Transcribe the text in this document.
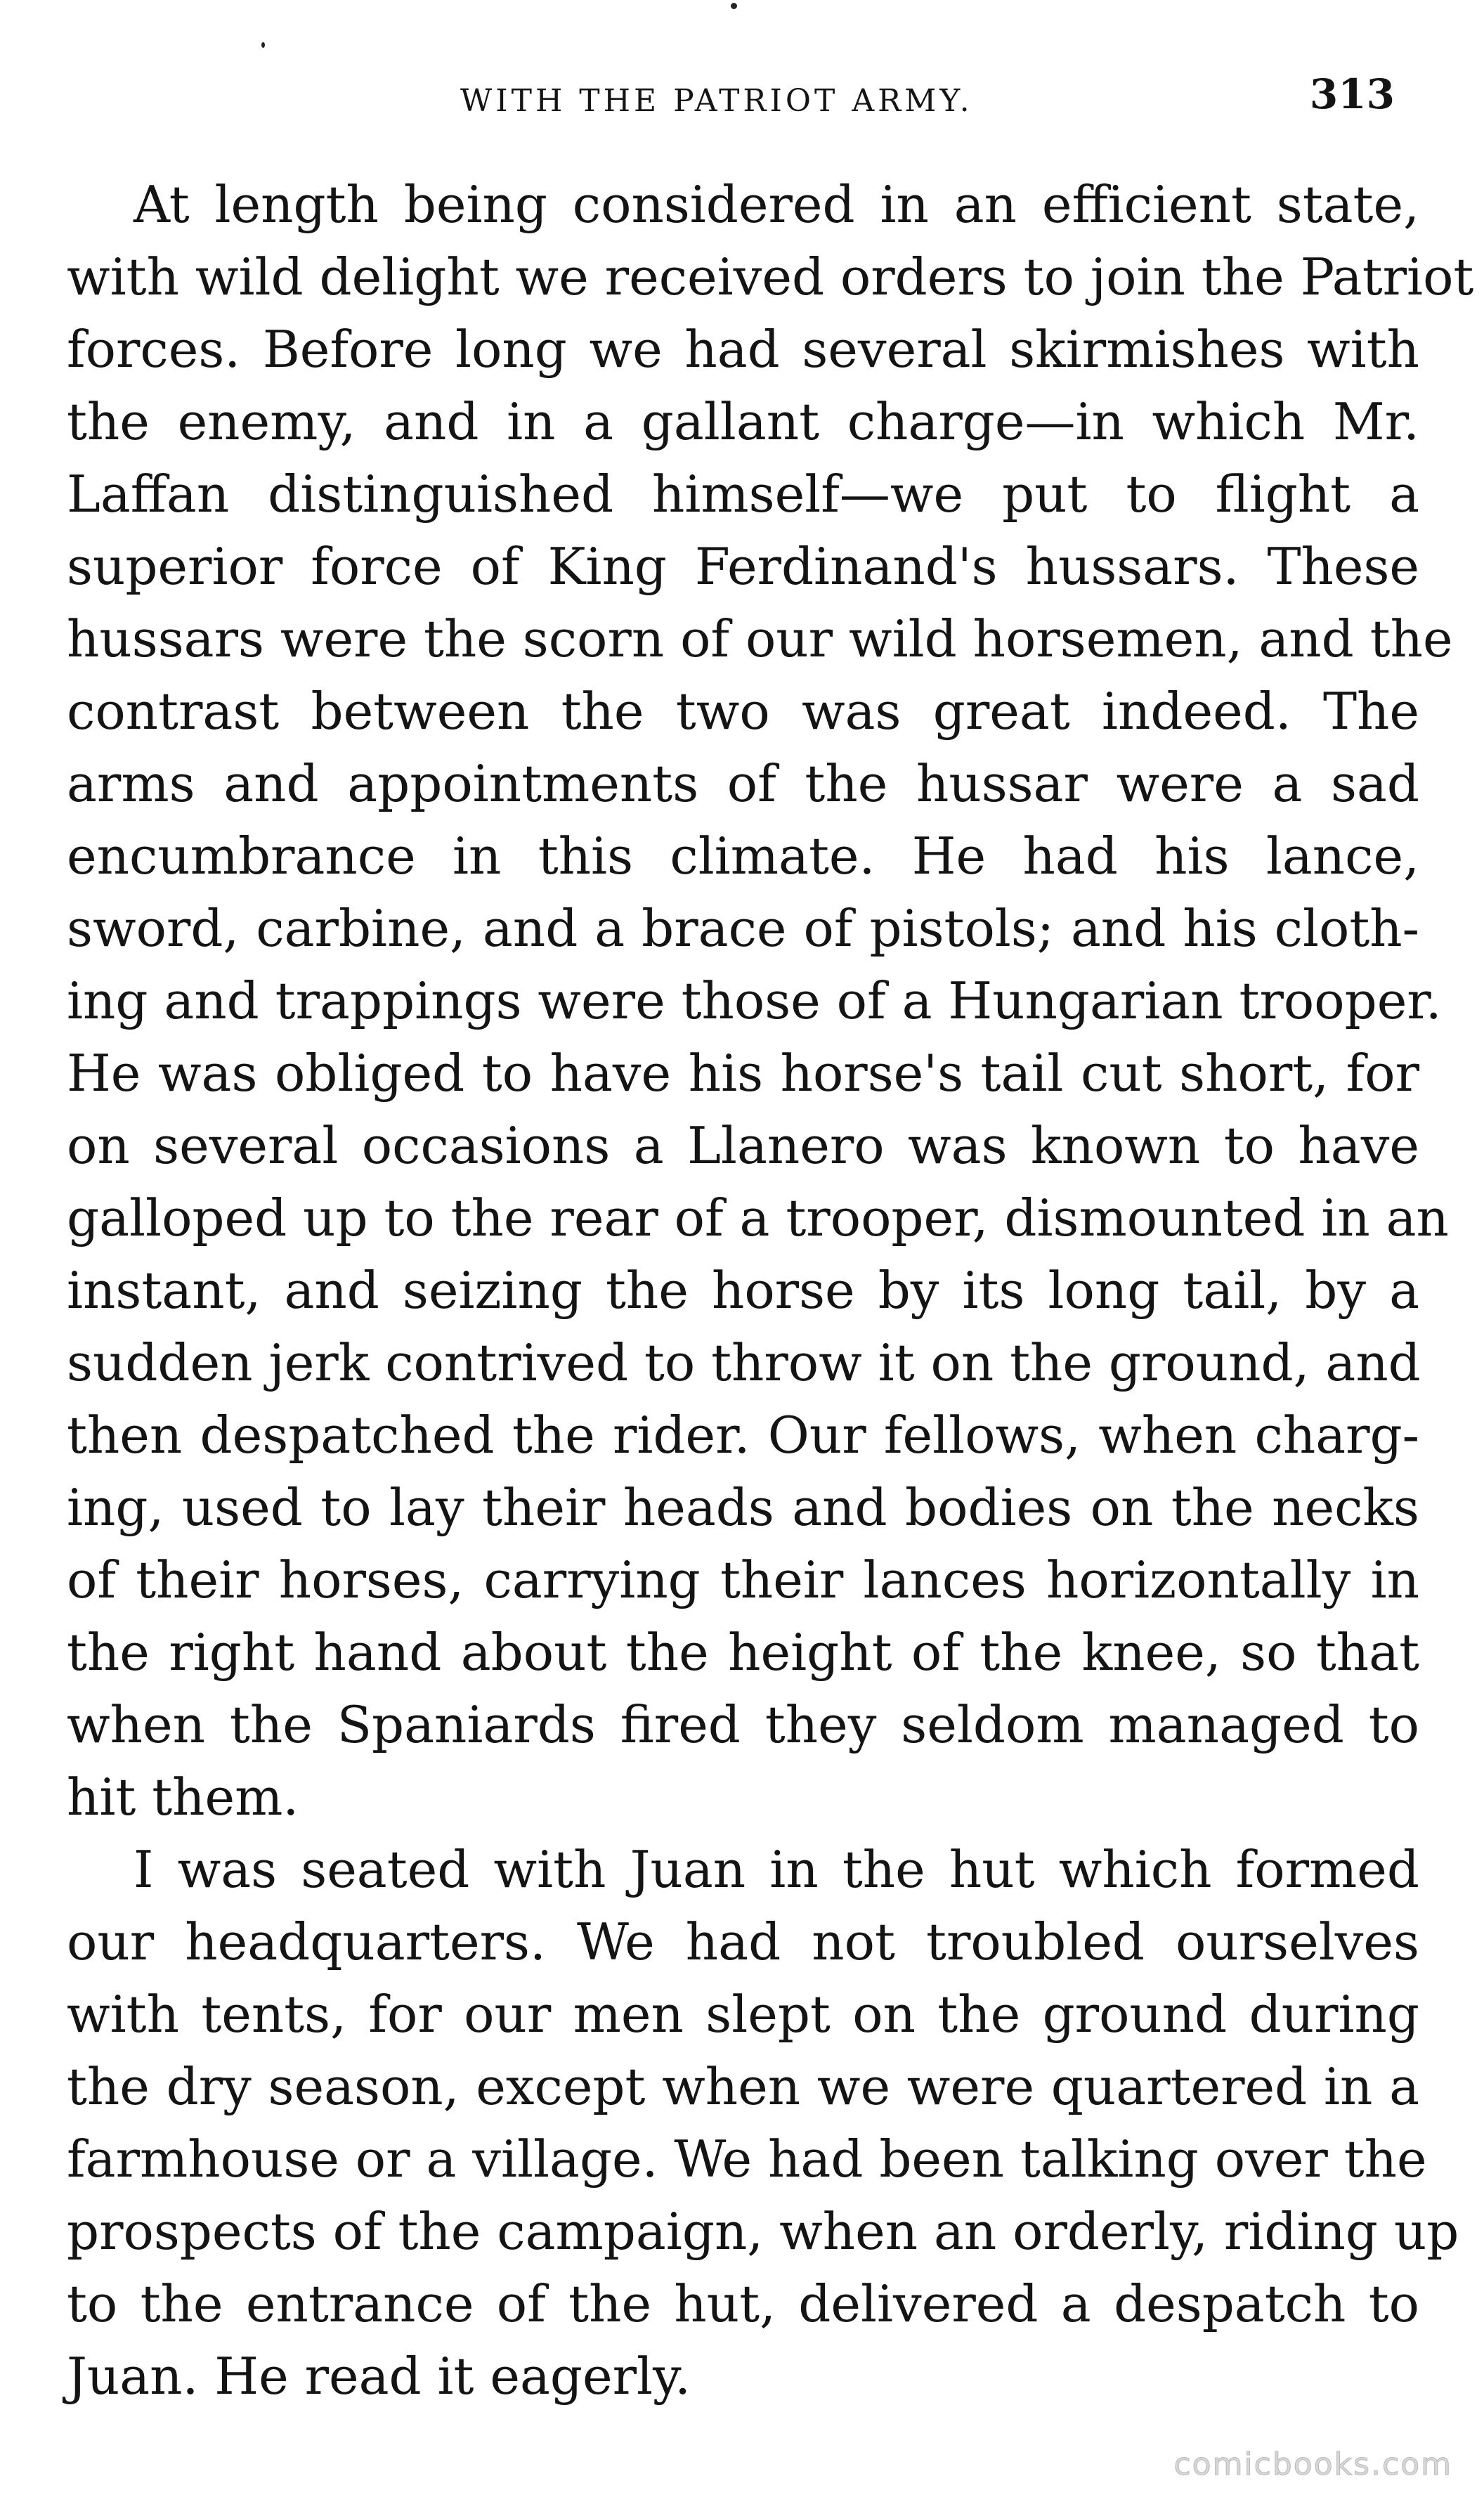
WITH THE PATRIOT ARMY.	313
At length being considered in an efficient state,
with wild delight we received orders to join the Patriot
forces. Before long we had several skirmishes with
the enemy, and in a gallant charge—in which Mr.
Laffan distinguished himself—we put to flight a
superior force of King Ferdinand's hussars. These
hussars were the scorn of our wild horsemen, and the
contrast between the two was great indeed. The
arms and appointments of the hussar were a sad
encumbrance in this climate. He had his lance,
sword, carbine, and a brace of pistols; and his cloth-
ing and trappings were those of a Hungarian trooper.
He was obliged to have his horse's tail cut short, for
on several occasions a Llanero was known to have
galloped up to the rear of a trooper, dismounted in an
instant, and seizing the horse by its long tail, by a
sudden jerk contrived to throw it on the ground, and
then despatched the rider. Our fellows, when charg-
ing, used to lay their heads and bodies on the necks
of their horses, carrying their lances horizontally in
the right hand about the height of the knee, so that
when the Spaniards fired they seldom managed to
hit them.
I was seated with Juan in the hut which formed
our headquarters. We had not troubled ourselves
with tents, for our men slept on the ground during
the dry season, except when we were quartered in a
farmhouse or a village. We had been talking over the
prospects of the campaign, when an orderly, riding up
to the entrance of the hut, delivered a despatch to
Juan. He read it eagerly.
comicbooks.com
